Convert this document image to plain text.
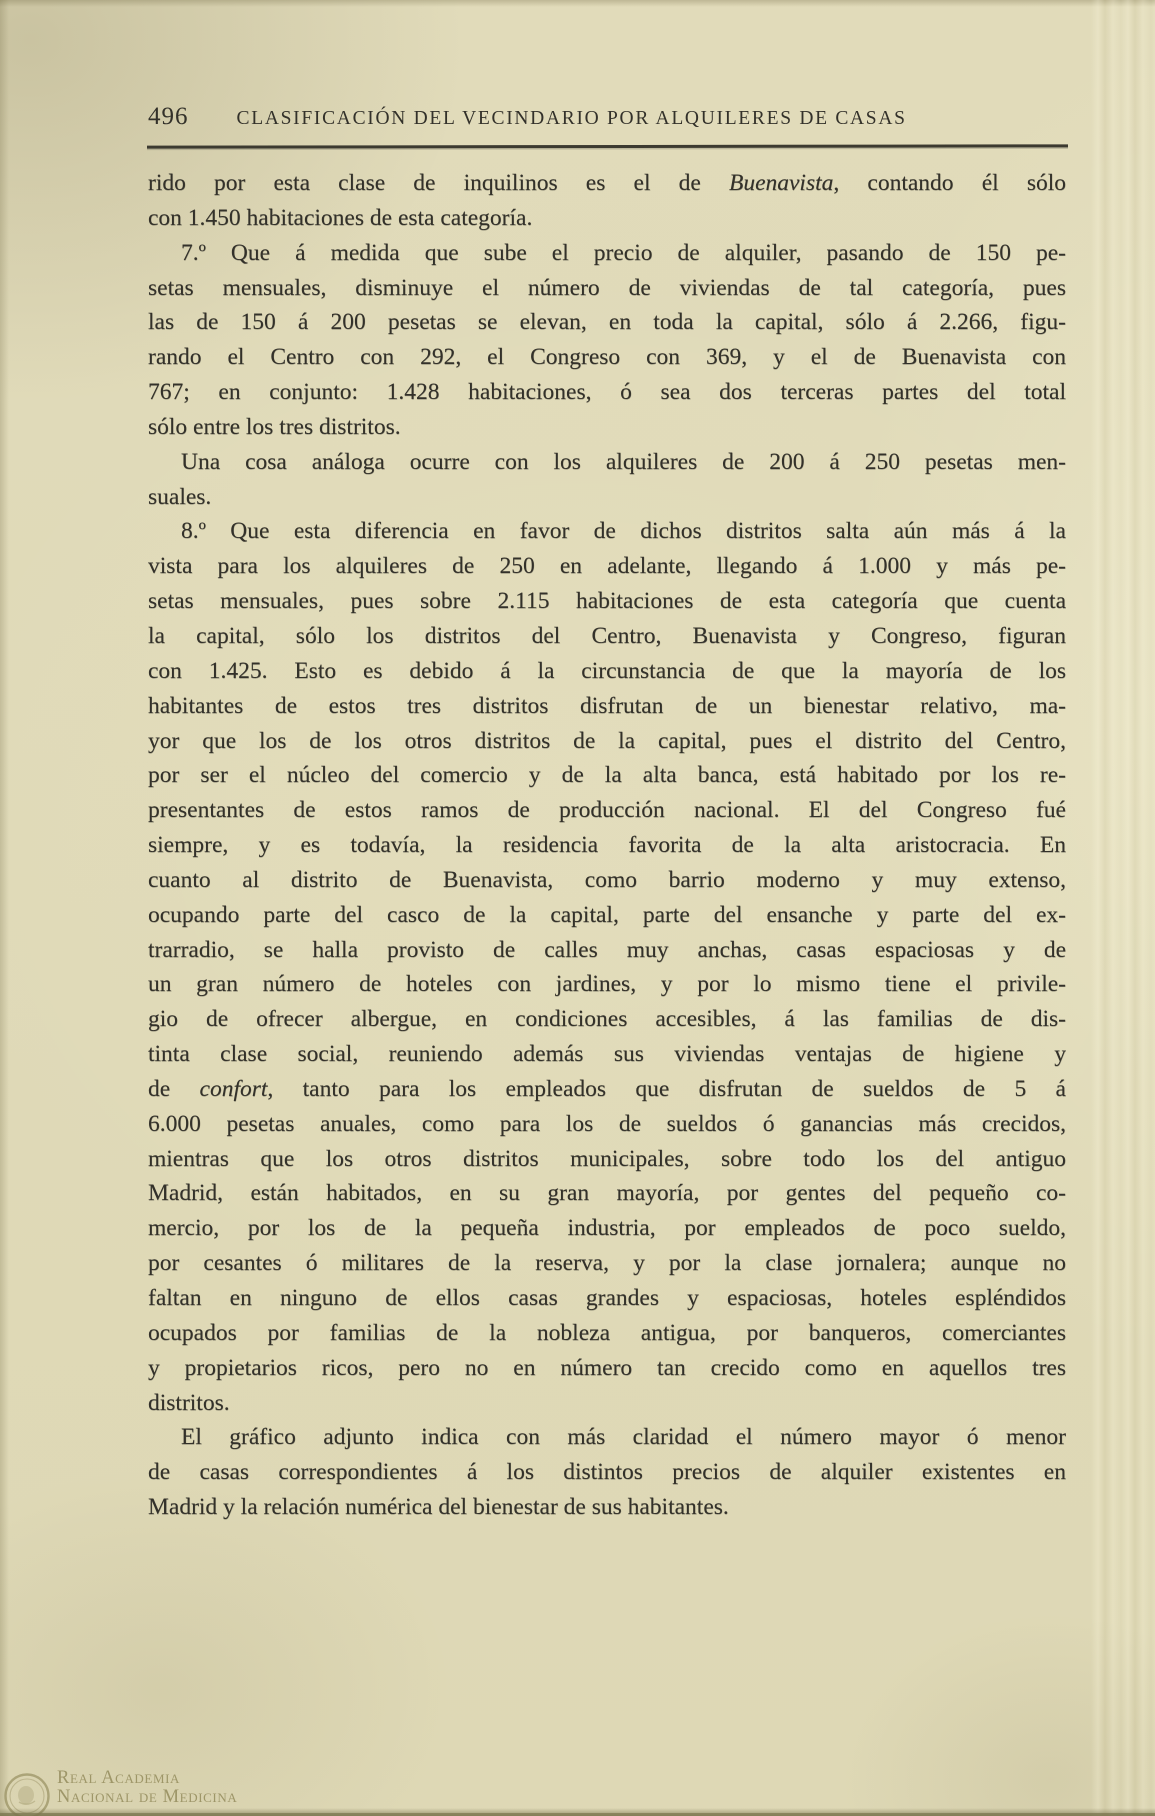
496 CLASIFICACIÓN DEL VECINDARIO POR ALQUILERES DE CASAS
rido por esta clase de inquilinos es el de Buenavista, contando él sólo
con 1.450 habitaciones de esta categoría.
7.º Que á medida que sube el precio de alquiler, pasando de 150 pe-
setas mensuales, disminuye el número de viviendas de tal categoría, pues
las de 150 á 200 pesetas se elevan, en toda la capital, sólo á 2.266, figu-
rando el Centro con 292, el Congreso con 369, y el de Buenavista con
767; en conjunto: 1.428 habitaciones, ó sea dos terceras partes del total
sólo entre los tres distritos.
Una cosa análoga ocurre con los alquileres de 200 á 250 pesetas men-
suales.
8.º Que esta diferencia en favor de dichos distritos salta aún más á la
vista para los alquileres de 250 en adelante, llegando á 1.000 y más pe-
setas mensuales, pues sobre 2.115 habitaciones de esta categoría que cuenta
la capital, sólo los distritos del Centro, Buenavista y Congreso, figuran
con 1.425. Esto es debido á la circunstancia de que la mayoría de los
habitantes de estos tres distritos disfrutan de un bienestar relativo, ma-
yor que los de los otros distritos de la capital, pues el distrito del Centro,
por ser el núcleo del comercio y de la alta banca, está habitado por los re-
presentantes de estos ramos de producción nacional. El del Congreso fué
siempre, y es todavía, la residencia favorita de la alta aristocracia. En
cuanto al distrito de Buenavista, como barrio moderno y muy extenso,
ocupando parte del casco de la capital, parte del ensanche y parte del ex-
trarradio, se halla provisto de calles muy anchas, casas espaciosas y de
un gran número de hoteles con jardines, y por lo mismo tiene el privile-
gio de ofrecer albergue, en condiciones accesibles, á las familias de dis-
tinta clase social, reuniendo además sus viviendas ventajas de higiene y
de confort, tanto para los empleados que disfrutan de sueldos de 5 á
6.000 pesetas anuales, como para los de sueldos ó ganancias más crecidos,
mientras que los otros distritos municipales, sobre todo los del antiguo
Madrid, están habitados, en su gran mayoría, por gentes del pequeño co-
mercio, por los de la pequeña industria, por empleados de poco sueldo,
por cesantes ó militares de la reserva, y por la clase jornalera; aunque no
faltan en ninguno de ellos casas grandes y espaciosas, hoteles espléndidos
ocupados por familias de la nobleza antigua, por banqueros, comerciantes
y propietarios ricos, pero no en número tan crecido como en aquellos tres
distritos.
El gráfico adjunto indica con más claridad el número mayor ó menor
de casas correspondientes á los distintos precios de alquiler existentes en
Madrid y la relación numérica del bienestar de sus habitantes.
Real Academia
Nacional de Medicina
